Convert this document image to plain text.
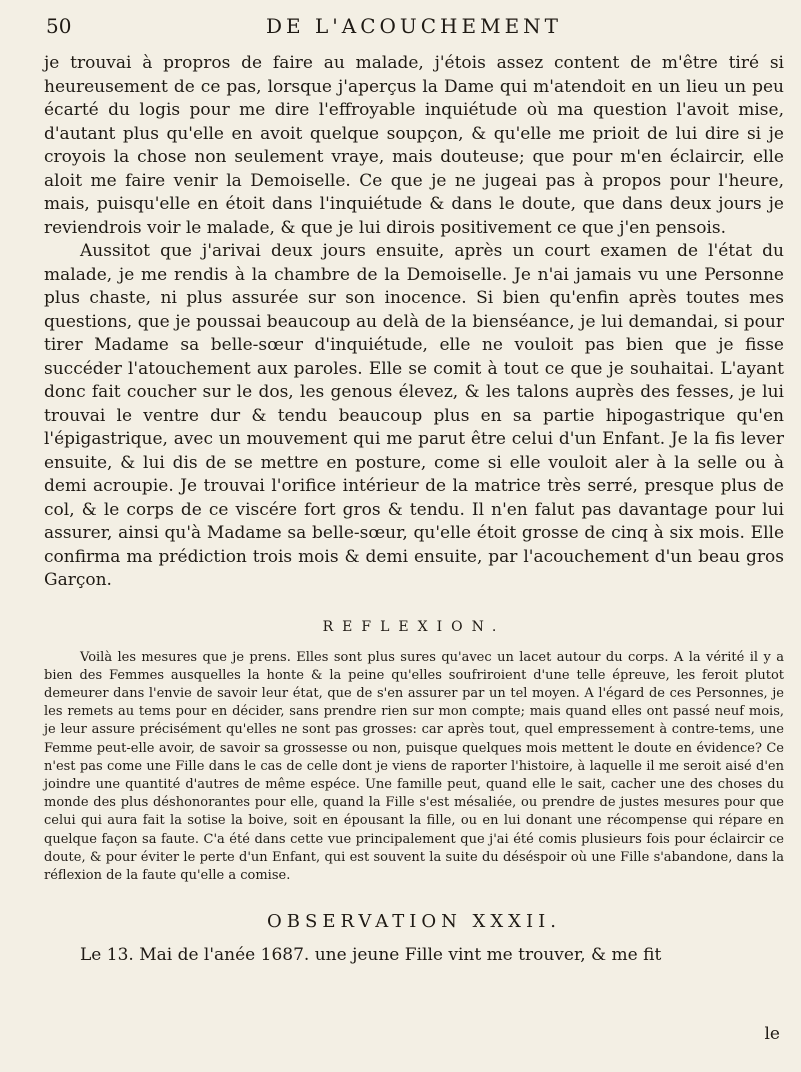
50	DE L'ACOUCHEMENT

je trouvai à propros de faire au malade, j'étois assez content de m'être tiré si heureusement de ce pas, lorsque j'aperçus la Dame qui m'atendoit en un lieu un peu écarté du logis pour me dire l'effroyable inquiétude où ma question l'avoit mise, d'autant plus qu'elle en avoit quelque soupçon, & qu'elle me prioit de lui dire si je croyois la chose non seulement vraye, mais douteuse; que pour m'en éclaircir, elle aloit me faire venir la Demoiselle. Ce que je ne jugeai pas à propos pour l'heure, mais, puisqu'elle en étoit dans l'inquiétude & dans le doute, que dans deux jours je reviendrois voir le malade, & que je lui dirois positivement ce que j'en pensois.

Aussitot que j'arivai deux jours ensuite, après un court examen de l'état du malade, je me rendis à la chambre de la Demoiselle. Je n'ai jamais vu une Personne plus chaste, ni plus assurée sur son inocence. Si bien qu'enfin après toutes mes questions, que je poussai beaucoup au delà de la bienséance, je lui demandai, si pour tirer Madame sa belle-sœur d'inquiétude, elle ne vouloit pas bien que je fisse succéder l'atouchement aux paroles. Elle se comit à tout ce que je souhaitai. L'ayant donc fait coucher sur le dos, les genous élevez, & les talons auprès des fesses, je lui trouvai le ventre dur & tendu beaucoup plus en sa partie hipogastrique qu'en l'épigastrique, avec un mouvement qui me parut être celui d'un Enfant. Je la fis lever ensuite, & lui dis de se mettre en posture, come si elle vouloit aler à la selle ou à demi acroupie. Je trouvai l'orifice intérieur de la matrice très serré, presque plus de col, & le corps de ce viscére fort gros & tendu. Il n'en falut pas davantage pour lui assurer, ainsi qu'à Madame sa belle-sœur, qu'elle étoit grosse de cinq à six mois. Elle confirma ma prédiction trois mois & demi ensuite, par l'acouchement d'un beau gros Garçon.

REFLEXION.

Voilà les mesures que je prens. Elles sont plus sures qu'avec un lacet autour du corps. A la vérité il y a bien des Femmes ausquelles la honte & la peine qu'elles soufriroient d'une telle épreuve, les feroit plutot demeurer dans l'envie de savoir leur état, que de s'en assurer par un tel moyen. A l'égard de ces Personnes, je les remets au tems pour en décider, sans prendre rien sur mon compte; mais quand elles ont passé neuf mois, je leur assure précisément qu'elles ne sont pas grosses: car après tout, quel empressement à contre-tems, une Femme peut-elle avoir, de savoir sa grossesse ou non, puisque quelques mois mettent le doute en évidence? Ce n'est pas come une Fille dans le cas de celle dont je viens de raporter l'histoire, à laquelle il me seroit aisé d'en joindre une quantité d'autres de même espéce. Une famille peut, quand elle le sait, cacher une des choses du monde des plus déshonorantes pour elle, quand la Fille s'est mésaliée, ou prendre de justes mesures pour que celui qui aura fait la sotise la boive, soit en épousant la fille, ou en lui donant une récompense qui répare en quelque façon sa faute. C'a été dans cette vue principalement que j'ai été comis plusieurs fois pour éclaircir ce doute, & pour éviter le perte d'un Enfant, qui est souvent la suite du déséspoir où une Fille s'abandone, dans la réflexion de la faute qu'elle a comise.

OBSERVATION XXXII.

Le 13. Mai de l'anée 1687. une jeune Fille vint me trouver, & me fit

le
